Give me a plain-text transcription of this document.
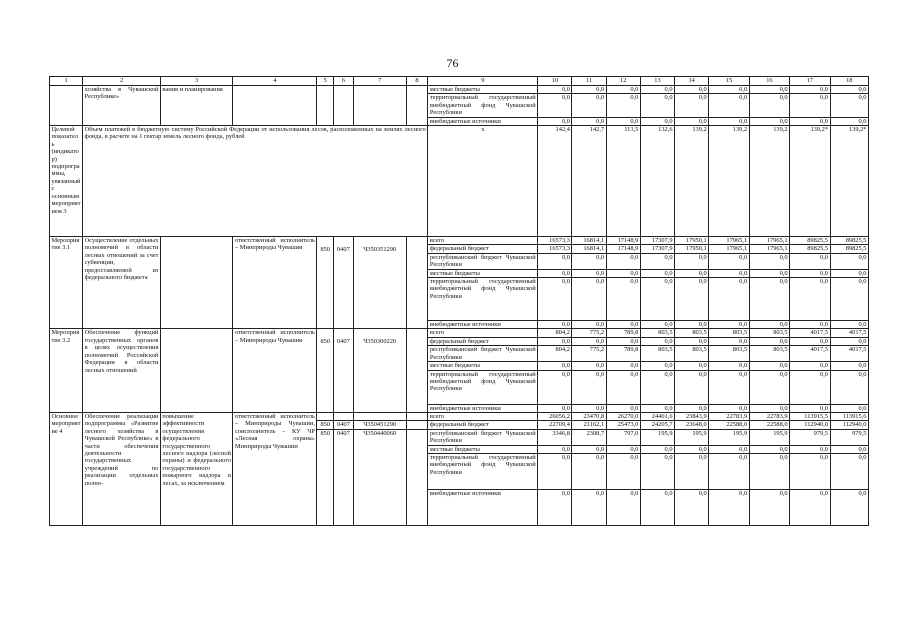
76
1	2	3	4	5	6	7	8	9	10	11	12	13	14	15	16	17	18
	хозяйства в Чувашской Республике»	вания и планирования						местные бюджеты	0,0	0,0	0,0	0,0	0,0	0,0	0,0	0,0	0,0
								территориальный государственный внебюджетный фонд Чувашской Республики	0,0	0,0	0,0	0,0	0,0	0,0	0,0	0,0	0,0
								внебюджетные источники	0,0	0,0	0,0	0,0	0,0	0,0	0,0	0,0	0,0
Целевой показатель (индикатор) подпрограммы, увязанный с основным мероприятием 3	Объем платежей в бюджетную систему Российской Федерации от использования лесов, расположенных на землях лесного фонда, в расчете на 1 гектар земель лесного фонда, рублей							х	142,4	142,7	113,5	132,6	139,2	139,2	139,2	139,2*	139,2*
Мероприятие 3.1	Осуществление отдельных полномочий в области лесных отношений за счет субвенции, предоставляемой из федерального бюджета		ответственный исполнитель – Минприроды Чувашии	850	0407	Ч350351290		всего	16573,3	16814,1	17148,9	17307,9	17950,1	17965,1	17965,1	89825,5	89825,5
								федеральный бюджет	16573,3	16814,1	17148,9	17307,9	17950,1	17965,1	17965,1	89825,5	89825,5
								республиканский бюджет Чувашской Республики	0,0	0,0	0,0	0,0	0,0	0,0	0,0	0,0	0,0
								местные бюджеты	0,0	0,0	0,0	0,0	0,0	0,0	0,0	0,0	0,0
								территориальный государственный внебюджетный фонд Чувашской Республики	0,0	0,0	0,0	0,0	0,0	0,0	0,0	0,0	0,0
								внебюджетные источники	0,0	0,0	0,0	0,0	0,0	0,0	0,0	0,0	0,0
Мероприятие 3.2	Обеспечение функций государственных органов в целях осуществления полномочий Российской Федерации в области лесных отношений		ответственный исполнитель – Минприроды Чувашии	850	0407	Ч350300220		всего	804,2	775,2	789,8	803,5	803,5	803,5	803,5	4017,5	4017,5
								федеральный бюджет	0,0	0,0	0,0	0,0	0,0	0,0	0,0	0,0	0,0
								республиканский бюджет Чувашской Республики	804,2	775,2	789,8	803,5	803,5	803,5	803,5	4017,5	4017,5
								местные бюджеты	0,0	0,0	0,0	0,0	0,0	0,0	0,0	0,0	0,0
								территориальный государственный внебюджетный фонд Чувашской Республики	0,0	0,0	0,0	0,0	0,0	0,0	0,0	0,0	0,0
								внебюджетные источники	0,0	0,0	0,0	0,0	0,0	0,0	0,0	0,0	0,0
Основное мероприятие 4	Обеспечение реализации подпрограммы «Развитие лесного хозяйства в Чувашской Республике» в части обеспечения деятельности государственных учреждений по реализации отдельных полно-	повышение эффективности осуществления федерального государственного лесного надзора (лесной охраны) и федерального государственного пожарного надзора в лесах, за исключением	ответственный исполнитель – Минприроды Чувашии, соисполнитель – КУ ЧР «Лесная охрана» Минприроды Чувашии					всего	26056,2	23470,8	26270,0	24401,6	23843,9	22783,9	22783,9	113915,5	113915,6
				850	0407	Ч350451290		федеральный бюджет	22709,4	21162,1	25473,0	24205,7	23648,0	22588,0	22588,0	112940,0	112940,0
				850	0407	Ч350440060		республиканский бюджет Чувашской Республики	3346,8	2308,7	797,0	195,9	195,9	195,9	195,9	979,5	979,5
								местные бюджеты	0,0	0,0	0,0	0,0	0,0	0,0	0,0	0,0	0,0
								территориальный государственный внебюджетный фонд Чувашской Республики	0,0	0,0	0,0	0,0	0,0	0,0	0,0	0,0	0,0
								внебюджетные источники	0,0	0,0	0,0	0,0	0,0	0,0	0,0	0,0	0,0
